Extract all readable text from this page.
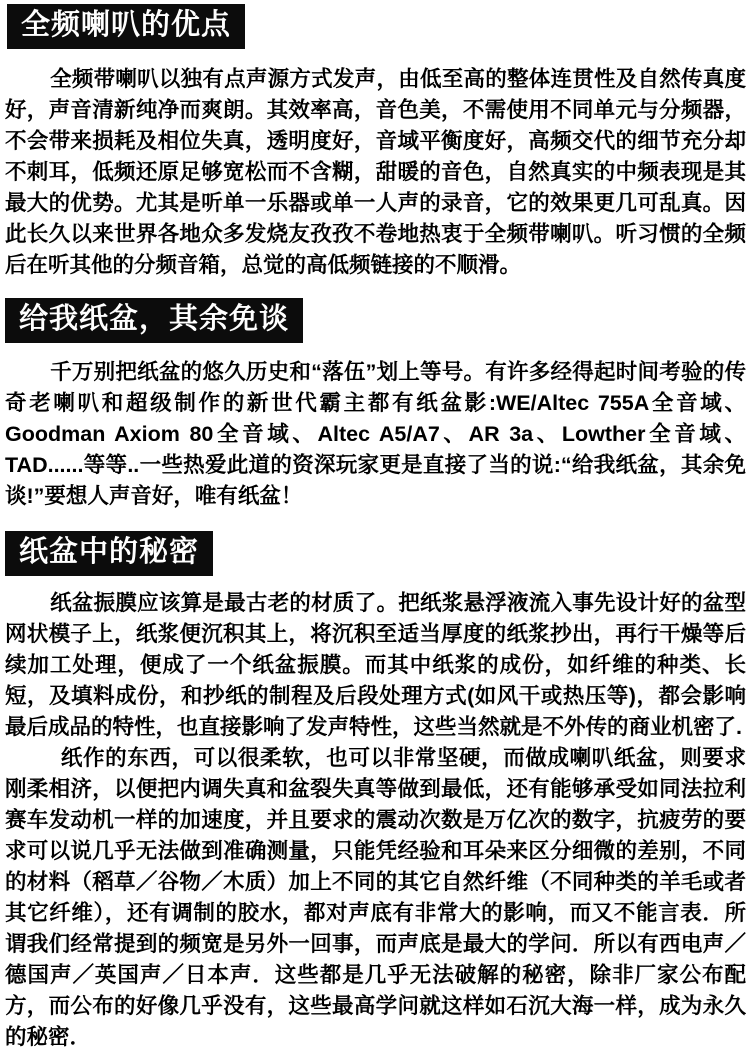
全频喇叭的优点

全频带喇叭以独有点声源方式发声，由低至高的整体连贯性及自然传真度好，声音清新纯净而爽朗。其效率高，音色美，不需使用不同单元与分频器，不会带来损耗及相位失真，透明度好，音域平衡度好，高频交代的细节充分却不刺耳，低频还原足够宽松而不含糊，甜暖的音色，自然真实的中频表现是其最大的优势。尤其是听单一乐器或单一人声的录音，它的效果更几可乱真。因此长久以来世界各地众多发烧友孜孜不卷地热衷于全频带喇叭。听习惯的全频后在听其他的分频音箱，总觉的高低频链接的不顺滑。

给我纸盆，其余免谈

千万别把纸盆的悠久历史和“落伍”划上等号。有许多经得起时间考验的传奇老喇叭和超级制作的新世代霸主都有纸盆影:WE/Altec 755A全音域、Goodman Axiom 80全音域、Altec A5/A7、AR 3a、Lowther全音域、TAD......等等..一些热爱此道的资深玩家更是直接了当的说:“给我纸盆，其余免谈!”要想人声音好，唯有纸盆！

纸盆中的秘密

纸盆振膜应该算是最古老的材质了。把纸浆悬浮液流入事先设计好的盆型网状模子上，纸浆便沉积其上，将沉积至适当厚度的纸浆抄出，再行干燥等后续加工处理，便成了一个纸盆振膜。而其中纸浆的成份，如纤维的种类、长短，及填料成份，和抄纸的制程及后段处理方式(如风干或热压等)，都会影响最后成品的特性，也直接影响了发声特性，这些当然就是不外传的商业机密了.

纸作的东西，可以很柔软，也可以非常坚硬，而做成喇叭纸盆，则要求刚柔相济，以便把内调失真和盆裂失真等做到最低，还有能够承受如同法拉利赛车发动机一样的加速度，并且要求的震动次数是万亿次的数字，抗疲劳的要求可以说几乎无法做到准确测量，只能凭经验和耳朵来区分细微的差别，不同的材料（稻草／谷物／木质）加上不同的其它自然纤维（不同种类的羊毛或者其它纤维），还有调制的胶水，都对声底有非常大的影响，而又不能言表．所谓我们经常提到的频宽是另外一回事，而声底是最大的学问．所以有西电声／德国声／英国声／日本声．这些都是几乎无法破解的秘密，除非厂家公布配方，而公布的好像几乎没有，这些最高学问就这样如石沉大海一样，成为永久的秘密．
